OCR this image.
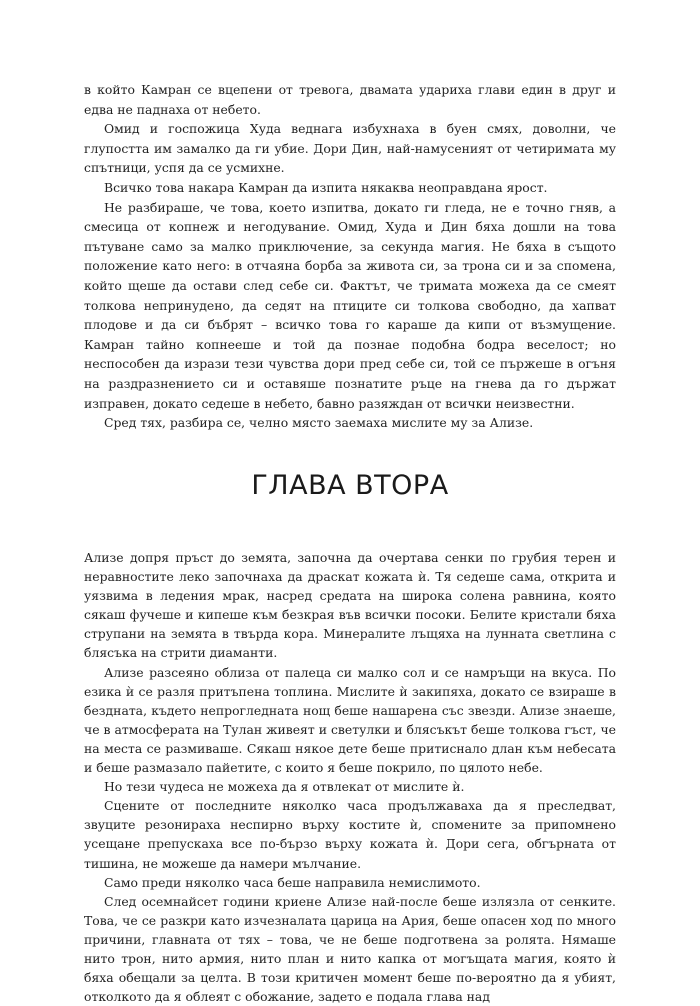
в който Камран се вцепени от тревога, двамата удариха глави един в друг и едва не паднаха от небето.

Омид и госпожица Худа веднага избухнаха в буен смях, доволни, че глупостта им замалко да ги убие. Дори Дин, най-намусеният от четиримата му спътници, успя да се усмихне.

Всичко това накара Камран да изпита някаква неоправдана ярост.

Не разбираше, че това, което изпитва, докато ги гледа, не е точно гняв, а смесица от копнеж и негодувание. Омид, Худа и Дин бяха дошли на това пътуване само за малко приключение, за секунда магия. Не бяха в същото положение като него: в отчаяна борба за живота си, за трона си и за спомена, който щеше да остави след себе си. Фактът, че тримата можеха да се смеят толкова непринудено, да седят на птиците си толкова свободно, да хапват плодове и да си бъбрят – всичко това го караше да кипи от възмущение. Камран тайно копнееше и той да познае подобна бодра веселост; но неспособен да изрази тези чувства дори пред себе си, той се пържеше в огъня на раздразнението си и оставяше познатите ръце на гнева да го държат изправен, докато седеше в небето, бавно разяждан от всички неизвестни.

Сред тях, разбира се, челно място заемаха мислите му за Ализе.

ГЛАВА ВТОРА

Ализе допря пръст до земята, започна да очертава сенки по грубия терен и неравностите леко започнаха да драскат кожата ѝ. Тя седеше сама, открита и уязвима в ледения мрак, насред средата на широка солена равнина, която сякаш фучеше и кипеше към безкрая във всички посоки. Белите кристали бяха струпани на земята в твърда кора. Минералите лъщяха на лунната светлина с блясъка на стрити диаманти.

Ализе разсеяно облиза от палеца си малко сол и се намръщи на вкуса. По езика ѝ се разля притъпена топлина. Мислите ѝ закипяха, докато се взираше в бездната, където непрогледната нощ беше нашарена със звезди. Ализе знаеше, че в атмосферата на Тулан живеят и светулки и блясъкът беше толкова гъст, че на места се размиваше. Сякаш някое дете беше притиснало длан към небесата и беше размазало пайетите, с които я беше покрило, по цялото небе.

Но тези чудеса не можеха да я отвлекат от мислите ѝ.

Сцените от последните няколко часа продължаваха да я преследват, звуците резонираха неспирно върху костите ѝ, спомените за припомнено усещане препускаха все по-бързо върху кожата ѝ. Дори сега, обгърната от тишина, не можеше да намери мълчание.

Само преди няколко часа беше направила немислимото.

След осемнайсет години криене Ализе най-после беше излязла от сенките. Това, че се разкри като изчезналата царица на Ария, беше опасен ход по много причини, главната от тях – това, че не беше подготвена за ролята. Нямаше нито трон, нито армия, нито план и нито капка от могъщата магия, която ѝ бяха обещали за целта. В този критичен момент беше по-вероятно да я убият, отколкото да я облеят с обожание, задето е подала глава над
